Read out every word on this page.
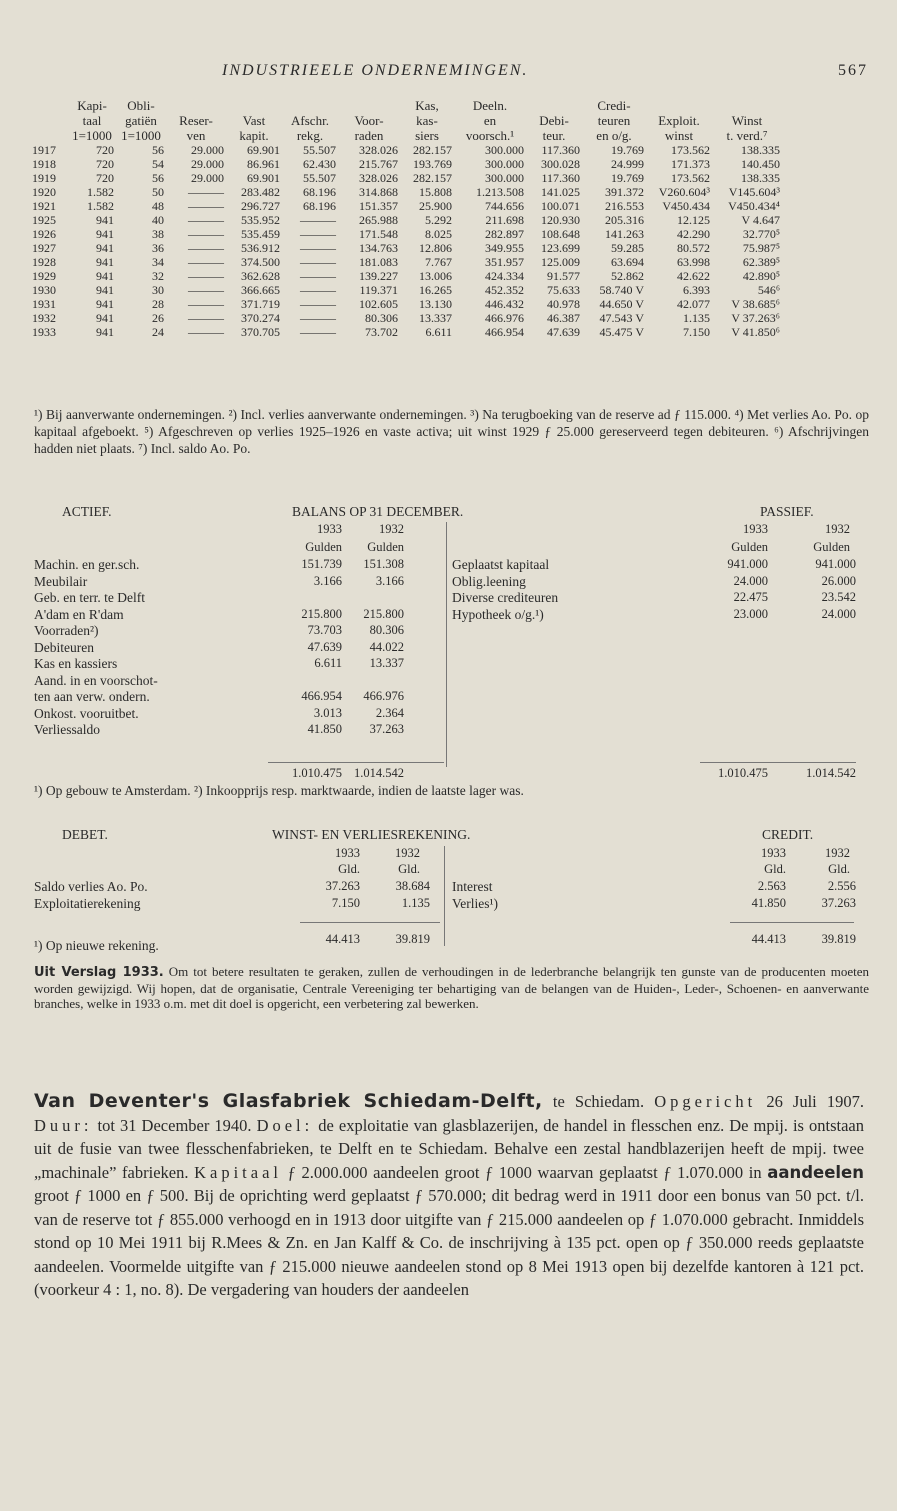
INDUSTRIEELE ONDERNEMINGEN.	567
	Kapi-	Obli-					Kas,	Deeln.		Credi-		
	taal	gatiën	Reser-	Vast	Afschr.	Voor-	kas-	en	Debi-	teuren	Exploit.	Winst
	1=1000	1=1000	ven	kapit.	rekg.	raden	siers	voorsch.¹	teur.	en o/g.	winst	t. verd.⁷
1917	720	56	29.000	69.901	55.507	328.026	282.157	300.000	117.360	19.769	173.562	138.335
1918	720	54	29.000	86.961	62.430	215.767	193.769	300.000	300.028	24.999	171.373	140.450
1919	720	56	29.000	69.901	55.507	328.026	282.157	300.000	117.360	19.769	173.562	138.335
1920	1.582	50	———	283.482	68.196	314.868	15.808	1.213.508	141.025	391.372	V260.604³	V145.604³
1921	1.582	48	———	296.727	68.196	151.357	25.900	744.656	100.071	216.553	V450.434	V450.434⁴
1925	941	40	———	535.952	———	265.988	5.292	211.698	120.930	205.316	12.125	V 4.647
1926	941	38	———	535.459	———	171.548	8.025	282.897	108.648	141.263	42.290	32.770⁵
1927	941	36	———	536.912	———	134.763	12.806	349.955	123.699	59.285	80.572	75.987⁵
1928	941	34	———	374.500	———	181.083	7.767	351.957	125.009	63.694	63.998	62.389⁵
1929	941	32	———	362.628	———	139.227	13.006	424.334	91.577	52.862	42.622	42.890⁵
1930	941	30	———	366.665	———	119.371	16.265	452.352	75.633	58.740 V	6.393	546⁶
1931	941	28	———	371.719	———	102.605	13.130	446.432	40.978	44.650 V	42.077	V 38.685⁶
1932	941	26	———	370.274	———	80.306	13.337	466.976	46.387	47.543 V	1.135	V 37.263⁶
1933	941	24	———	370.705	———	73.702	6.611	466.954	47.639	45.475 V	7.150	V 41.850⁶
¹) Bij aanverwante ondernemingen. ²) Incl. verlies aanverwante ondernemingen. ³) Na terugboeking van de reserve ad ƒ 115.000. ⁴) Met verlies Ao. Po. op kapitaal afgeboekt. ⁵) Afgeschreven op verlies 1925–1926 en vaste activa; uit winst 1929 ƒ 25.000 gereserveerd tegen debiteuren. ⁶) Afschrijvingen hadden niet plaats. ⁷) Incl. saldo Ao. Po.
ACTIEF.	BALANS OP 31 DECEMBER.	PASSIEF.
1933	1932
Gulden	Gulden
1933	1932
Gulden	Gulden
Machin. en ger.sch.	151.739	151.308
Meubilair	3.166	3.166
Geb. en terr. te Delft
A'dam en R'dam	215.800	215.800
Voorraden²)	73.703	80.306
Debiteuren	47.639	44.022
Kas en kassiers	6.611	13.337
Aand. in en voorschot-
ten aan verw. ondern.	466.954	466.976
Onkost. vooruitbet.	3.013	2.364
Verliessaldo	41.850	37.263
Geplaatst kapitaal	941.000	941.000
Oblig.leening	24.000	26.000
Diverse crediteuren	22.475	23.542
Hypotheek o/g.¹)	23.000	24.000
1.010.475 1.014.542	1.010.475	1.014.542
¹) Op gebouw te Amsterdam. ²) Inkoopprijs resp. marktwaarde, indien de laatste lager was.
DEBET.	WINST- EN VERLIESREKENING.	CREDIT.
1933	1932
Gld.	Gld.
1933	1932
Gld.	Gld.
Saldo verlies Ao. Po.	37.263	38.684
Exploitatierekening	7.150	1.135
Interest	2.563	2.556
Verlies¹)	41.850	37.263
44.413	39.819	44.413	39.819
¹) Op nieuwe rekening.
Uit Verslag 1933. Om tot betere resultaten te geraken, zullen de verhoudingen in de lederbranche belangrijk ten gunste van de producenten moeten worden gewijzigd. Wij hopen, dat de organisatie, Centrale Vereeniging ter behartiging van de belangen van de Huiden-, Leder-, Schoenen- en aanverwante branches, welke in 1933 o.m. met dit doel is opgericht, een verbetering zal bewerken.
Van Deventer's Glasfabriek Schiedam-Delft, te Schiedam. Opgericht 26 Juli 1907. Duur: tot 31 December 1940. Doel: de exploitatie van glasblazerijen, de handel in flesschen enz. De mpij. is ontstaan uit de fusie van twee flesschenfabrieken, te Delft en te Schiedam. Behalve een zestal handblazerijen heeft de mpij. twee „machinale” fabrieken. Kapitaal ƒ 2.000.000 aandeelen groot ƒ 1000 waarvan geplaatst ƒ 1.070.000 in aandeelen groot ƒ 1000 en ƒ 500. Bij de oprichting werd geplaatst ƒ 570.000; dit bedrag werd in 1911 door een bonus van 50 pct. t/l. van de reserve tot ƒ 855.000 verhoogd en in 1913 door uitgifte van ƒ 215.000 aandeelen op ƒ 1.070.000 gebracht. Inmiddels stond op 10 Mei 1911 bij R.Mees & Zn. en Jan Kalff & Co. de inschrijving à 135 pct. open op ƒ 350.000 reeds geplaatste aandeelen. Voormelde uitgifte van ƒ 215.000 nieuwe aandeelen stond op 8 Mei 1913 open bij dezelfde kantoren à 121 pct. (voorkeur 4 : 1, no. 8). De vergadering van houders der aandeelen
